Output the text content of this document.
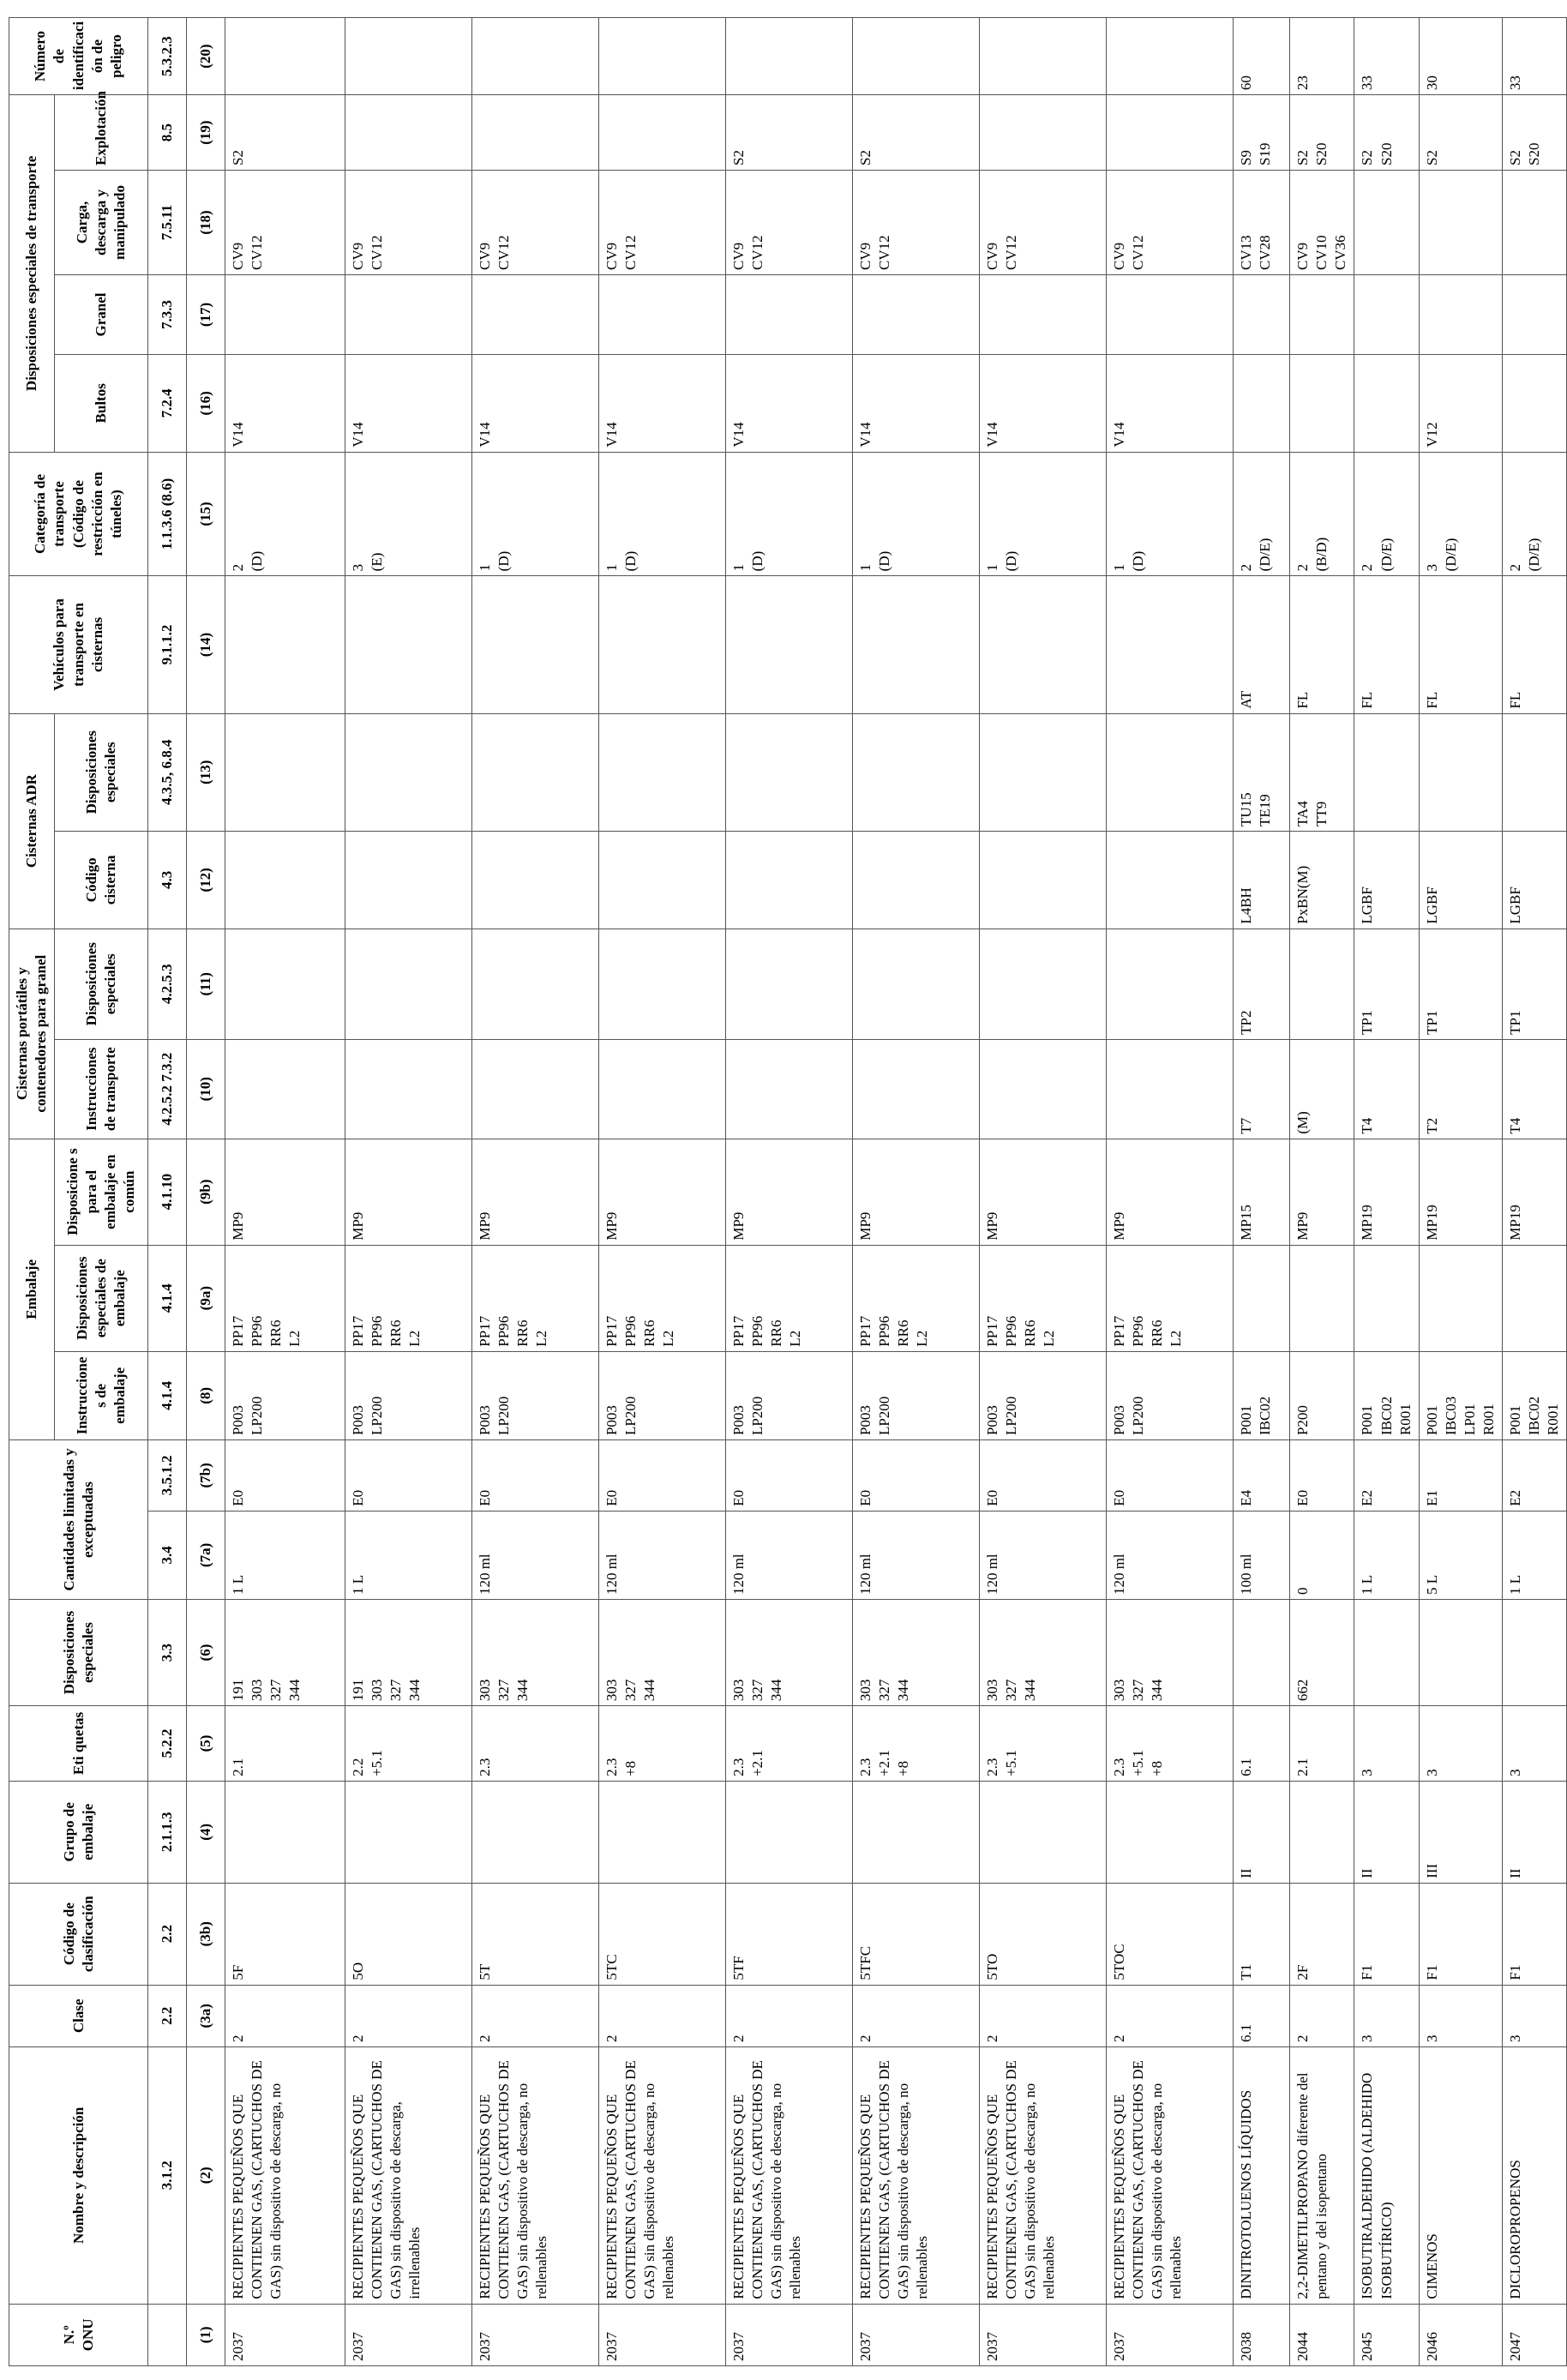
N.º ONU	Nombre y descripción	Clase	Código de clasificación	Grupo de embalaje	Eti quetas	Disposiciones especiales	Cantidades limitadas y exceptuadas		Embalaje			Cisternas portátiles y contenedores para granel		Cisternas ADR		Vehículos para transporte en cisternas	Categoría de transporte (Código de restricción en túneles)	Disposiciones especiales de transporte				Número de identificaci ón de peligro
									Instruccione s de embalaje	Disposiciones especiales de embalaje	Disposicione s para el embalaje en común	Instrucciones de transporte	Disposiciones especiales	Código cisterna	Disposiciones especiales			Bultos	Granel	Carga, descarga y manipulado	Explotación	
	3.1.2	2.2	2.2	2.1.1.3	5.2.2	3.3	3.4	3.5.1.2	4.1.4	4.1.4	4.1.10	4.2.5.2 7.3.2	4.2.5.3	4.3	4.3.5, 6.8.4	9.1.1.2	1.1.3.6 (8.6)	7.2.4	7.3.3	7.5.11	8.5	5.3.2.3
(1)	(2)	(3a)	(3b)	(4)	(5)	(6)	(7a)	(7b)	(8)	(9a)	(9b)	(10)	(11)	(12)	(13)	(14)	(15)	(16)	(17)	(18)	(19)	(20)
2037	RECIPIENTES PEQUEÑOS QUE CONTIENEN GAS, (CARTUCHOS DE GAS) sin dispositivo de descarga, no	2	5F		2.1	191 303 327 344	1 L	E0	P003 LP200	PP17 PP96 RR6 L2	MP9						2 (D)	V14		CV9 CV12	S2	
2037	RECIPIENTES PEQUEÑOS QUE CONTIENEN GAS, (CARTUCHOS DE GAS) sin dispositivo de descarga, irrellenables	2	5O		2.2 +5.1	191 303 327 344	1 L	E0	P003 LP200	PP17 PP96 RR6 L2	MP9						3 (E)	V14		CV9 CV12		

2037	RECIPIENTES PEQUEÑOS QUE CONTIENEN GAS, (CARTUCHOS DE GAS) sin dispositivo de descarga, no rellenables	2	5T		2.3	303 327 344	120 ml	E0	P003 LP200	PP17 PP96 RR6 L2	MP9						1 (D)	V14		CV9 CV12		

2037	RECIPIENTES PEQUEÑOS QUE CONTIENEN GAS, (CARTUCHOS DE GAS) sin dispositivo de descarga, no rellenables	2	5TC		2.3 +8	303 327 344	120 ml	E0	P003 LP200	PP17 PP96 RR6 L2	MP9						1 (D)	V14		CV9 CV12		

2037	RECIPIENTES PEQUEÑOS QUE CONTIENEN GAS, (CARTUCHOS DE GAS) sin dispositivo de descarga, no rellenables	2	5TF		2.3 +2.1	303 327 344	120 ml	E0	P003 LP200	PP17 PP96 RR6 L2	MP9						1 (D)	V14		CV9 CV12	S2	
2037	RECIPIENTES PEQUEÑOS QUE CONTIENEN GAS, (CARTUCHOS DE GAS) sin dispositivo de descarga, no rellenables	2	5TFC		2.3 +2.1 +8	303 327 344	120 ml	E0	P003 LP200	PP17 PP96 RR6 L2	MP9						1 (D)	V14		CV9 CV12	S2	
2037	RECIPIENTES PEQUEÑOS QUE CONTIENEN GAS, (CARTUCHOS DE GAS) sin dispositivo de descarga, no rellenables	2	5TO		2.3 +5.1	303 327 344	120 ml	E0	P003 LP200	PP17 PP96 RR6 L2	MP9						1 (D)	V14		CV9 CV12		

2037	RECIPIENTES PEQUEÑOS QUE CONTIENEN GAS, (CARTUCHOS DE GAS) sin dispositivo de descarga, no rellenables	2	5TOC		2.3 +5.1 +8	303 327 344	120 ml	E0	P003 LP200	PP17 PP96 RR6 L2	MP9						1 (D)	V14		CV9 CV12		

2038	DINITROTOLUENOS LÍQUIDOS	6.1	T1	II	6.1		100 ml	E4	P001 IBC02		MP15	T7	TP2	L4BH	TU15 TE19	AT	2 (D/E)			CV13 CV28	S9 S19	60
2044	2,2-DIMETILPROPANO diferente del pentano y del isopentano	2	2F		2.1	662	0	E0	P200		MP9	(M)		PxBN(M)	TA4 TT9	FL	2 (B/D)			CV9 CV10 CV36	S2 S20	23
2045	ISOBUTIRALDEHIDO (ALDEHIDO ISOBUTÍRICO)	3	F1	II	3		1 L	E2	P001 IBC02 R001		MP19	T4	TP1	LGBF		FL	2 (D/E)				S2 S20	33
2046	CIMENOS	3	F1	III	3		5 L	E1	P001 IBC03 LP01 R001		MP19	T2	TP1	LGBF		FL	3 (D/E)	V12			S2	30
2047	DICLOROPROPENOS	3	F1	II	3		1 L	E2	P001 IBC02 R001		MP19	T4	TP1	LGBF		FL	2 (D/E)				S2 S20	33
